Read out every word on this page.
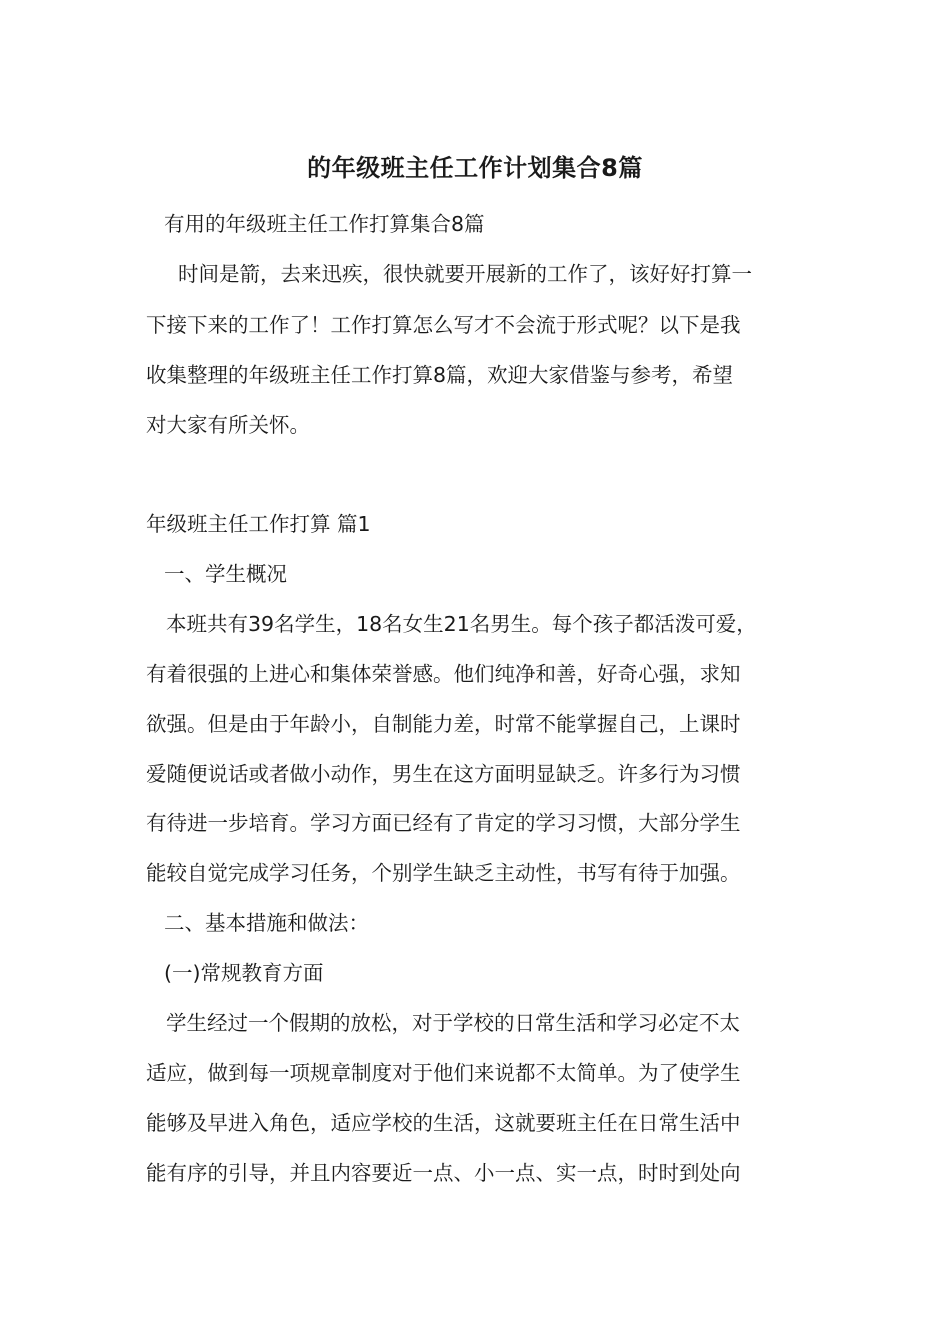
的年级班主任工作计划集合8篇
有用的年级班主任工作打算集合8篇
时间是箭，去来迅疾，很快就要开展新的工作了，该好好打算一
下接下来的工作了！工作打算怎么写才不会流于形式呢？以下是我
收集整理的年级班主任工作打算8篇，欢迎大家借鉴与参考，希望
对大家有所关怀。
年级班主任工作打算 篇1
一、学生概况
本班共有39名学生，18名女生21名男生。每个孩子都活泼可爱，
有着很强的上进心和集体荣誉感。他们纯净和善，好奇心强，求知
欲强。但是由于年龄小，自制能力差，时常不能掌握自己，上课时
爱随便说话或者做小动作，男生在这方面明显缺乏。许多行为习惯
有待进一步培育。学习方面已经有了肯定的学习习惯，大部分学生
能较自觉完成学习任务，个别学生缺乏主动性，书写有待于加强。
二、基本措施和做法：
(一)常规教育方面
学生经过一个假期的放松，对于学校的日常生活和学习必定不太
适应，做到每一项规章制度对于他们来说都不太简单。为了使学生
能够及早进入角色，适应学校的生活，这就要班主任在日常生活中
能有序的引导，并且内容要近一点、小一点、实一点，时时到处向
